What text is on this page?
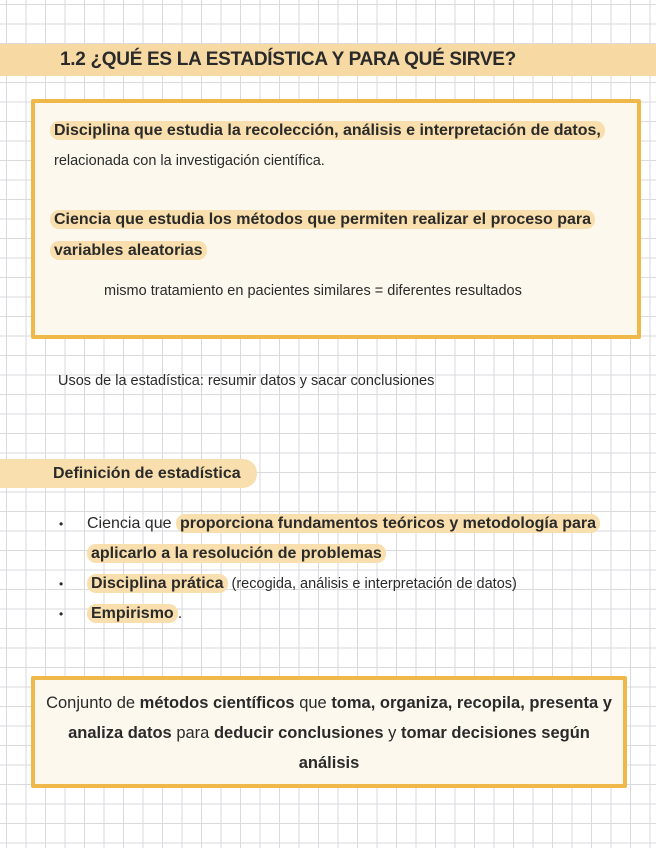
1.2 ¿QUÉ ES LA ESTADÍSTICA Y PARA QUÉ SIRVE?
Disciplina que estudia la recolección, análisis e interpretación de datos,
relacionada con la investigación científica.
Ciencia que estudia los métodos que permiten realizar el proceso para
variables aleatorias
mismo tratamiento en pacientes similares = diferentes resultados
Usos de la estadística: resumir datos y sacar conclusiones
Definición de estadística
• Ciencia que proporciona fundamentos teóricos y metodología para
aplicarlo a la resolución de problemas
• Disciplina prática (recogida, análisis e interpretación de datos)
• Empirismo .
Conjunto de métodos científicos que toma, organiza, recopila, presenta y analiza datos para deducir conclusiones y tomar decisiones según análisis
